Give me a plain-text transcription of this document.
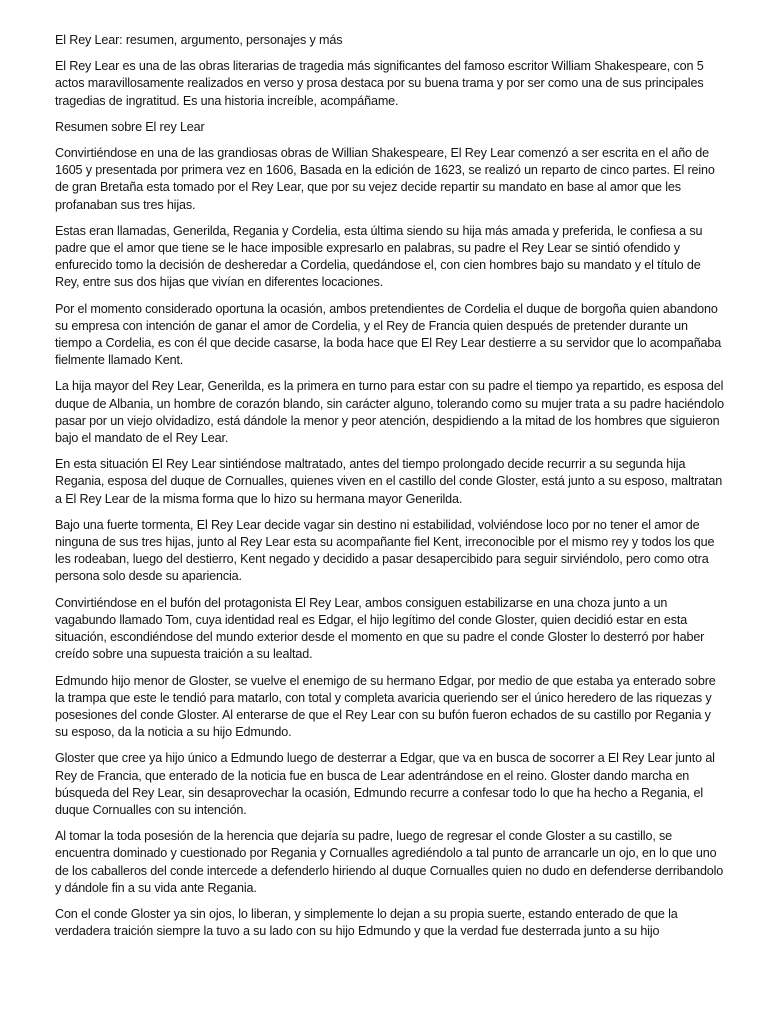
El Rey Lear: resumen, argumento, personajes y más

El Rey Lear es una de las obras literarias de tragedia más significantes del famoso escritor William Shakespeare, con 5 actos maravillosamente realizados en verso y prosa destaca por su buena trama y por ser como una de sus principales tragedias de ingratitud. Es una historia increíble, acompáñame.

Resumen sobre El rey Lear

Convirtiéndose en una de las grandiosas obras de Willian Shakespeare, El Rey Lear comenzó a ser escrita en el año de 1605 y presentada por primera vez en 1606, Basada en la edición de 1623, se realizó un reparto de cinco partes. El reino de gran Bretaña esta tomado por el Rey Lear, que por su vejez decide repartir su mandato en base al amor que les profanaban sus tres hijas.

Estas eran llamadas, Generilda, Regania y Cordelia, esta última siendo su hija más amada y preferida, le confiesa a su padre que el amor que tiene se le hace imposible expresarlo en palabras, su padre el Rey Lear se sintió ofendido y enfurecido tomo la decisión de desheredar a Cordelia, quedándose el, con cien hombres bajo su mandato y el título de Rey, entre sus dos hijas que vivían en diferentes locaciones.

Por el momento considerado oportuna la ocasión, ambos pretendientes de Cordelia el duque de borgoña quien abandono su empresa con intención de ganar el amor de Cordelia, y el Rey de Francia quien después de pretender durante un tiempo a Cordelia, es con él que decide casarse, la boda hace que El Rey Lear destierre a su servidor que lo acompañaba fielmente llamado Kent.

La hija mayor del Rey Lear, Generilda, es la primera en turno para estar con su padre el tiempo ya repartido, es esposa del duque de Albania, un hombre de corazón blando, sin carácter alguno, tolerando como su mujer trata a su padre haciéndolo pasar por un viejo olvidadizo, está dándole la menor y peor atención, despidiendo a la mitad de los hombres que siguieron bajo el mandato de el Rey Lear.

En esta situación El Rey Lear sintiéndose maltratado, antes del tiempo prolongado decide recurrir a su segunda hija Regania, esposa del duque de Cornualles, quienes viven en el castillo del conde Gloster, está junto a su esposo, maltratan a El Rey Lear de la misma forma que lo hizo su hermana mayor Generilda.

Bajo una fuerte tormenta, El Rey Lear decide vagar sin destino ni estabilidad, volviéndose loco por no tener el amor de ninguna de sus tres hijas, junto al Rey Lear esta su acompañante fiel Kent, irreconocible por el mismo rey y todos los que les rodeaban, luego del destierro, Kent negado y decidido a pasar desapercibido para seguir sirviéndolo, pero como otra persona solo desde su apariencia.

Convirtiéndose en el bufón del protagonista El Rey Lear, ambos consiguen estabilizarse en una choza junto a un vagabundo llamado Tom, cuya identidad real es Edgar, el hijo legítimo del conde Gloster, quien decidió estar en esta situación, escondiéndose del mundo exterior desde el momento en que su padre el conde Gloster lo desterró por haber creído sobre una supuesta traición a su lealtad.

Edmundo hijo menor de Gloster, se vuelve el enemigo de su hermano Edgar, por medio de que estaba ya enterado sobre la trampa que este le tendió para matarlo, con total y completa avaricia queriendo ser el único heredero de las riquezas y posesiones del conde Gloster. Al enterarse de que el Rey Lear con su bufón fueron echados de su castillo por Regania y su esposo, da la noticia a su hijo Edmundo.

Gloster que cree ya hijo único a Edmundo luego de desterrar a Edgar, que va en busca de socorrer a El Rey Lear junto al Rey de Francia, que enterado de la noticia fue en busca de Lear adentrándose en el reino. Gloster dando marcha en búsqueda del Rey Lear, sin desaprovechar la ocasión, Edmundo recurre a confesar todo lo que ha hecho a Regania, el duque Cornualles con su intención.

Al tomar la toda posesión de la herencia que dejaría su padre, luego de regresar el conde Gloster a su castillo, se encuentra dominado y cuestionado por Regania y Cornualles agrediéndolo a tal punto de arrancarle un ojo, en lo que uno de los caballeros del conde intercede a defenderlo hiriendo al duque Cornualles quien no dudo en defenderse derribandolo y dándole fin a su vida ante Regania.

Con el conde Gloster ya sin ojos, lo liberan, y simplemente lo dejan a su propia suerte, estando enterado de que la verdadera traición siempre la tuvo a su lado con su hijo Edmundo y que la verdad fue desterrada junto a su hijo
